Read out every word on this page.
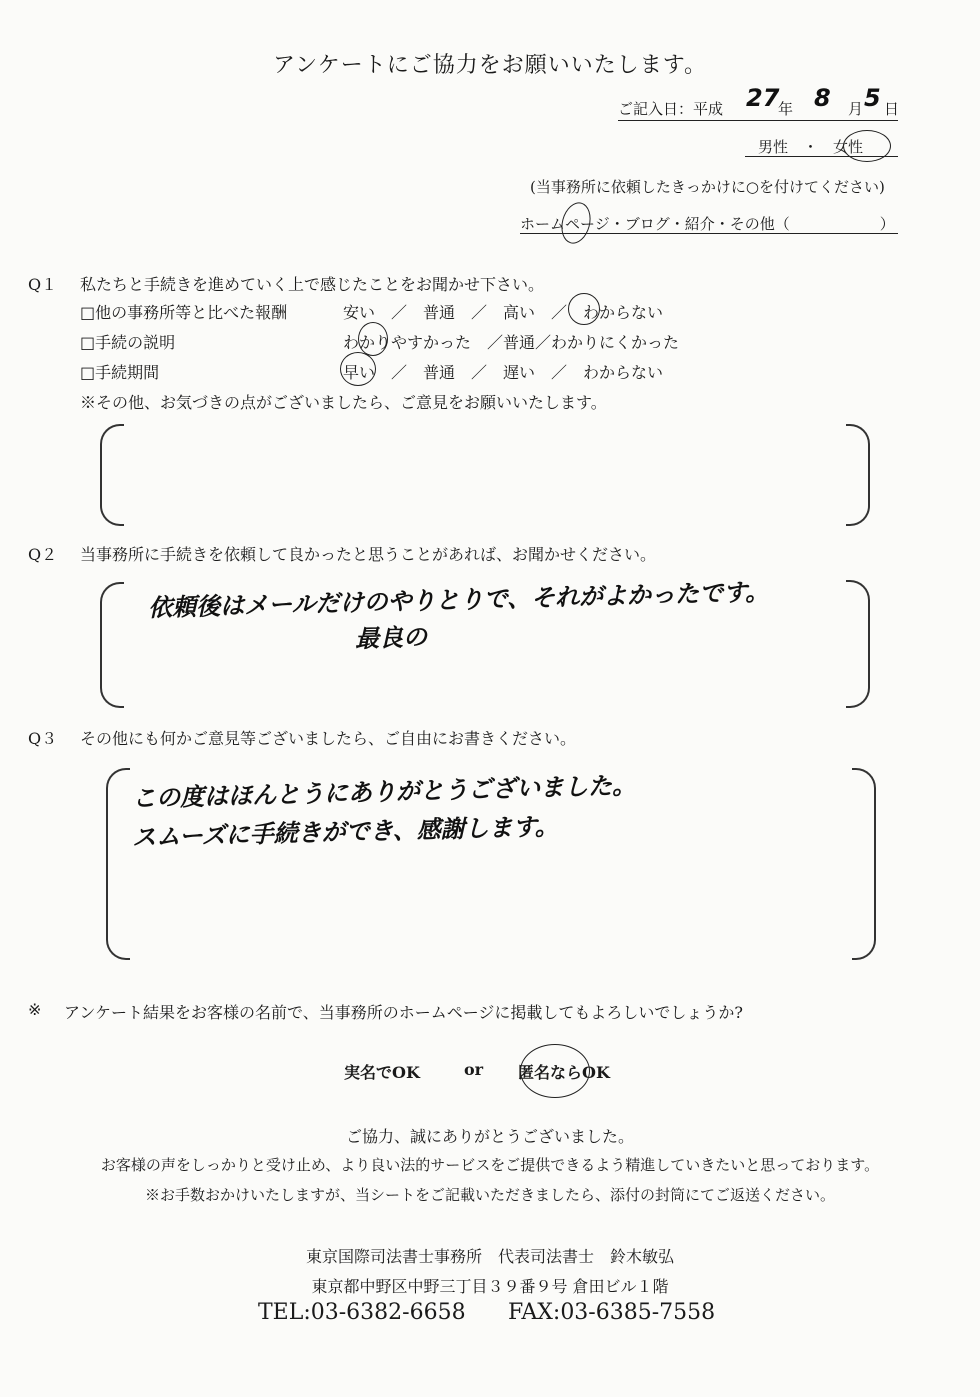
アンケートにご協力をお願いいたします。
ご記入日：平成 27
年 8 月 5 日
男性　・　女性
(当事務所に依頼したきっかけに○を付けてください)
ホームページ・ブログ・紹介・その他（　　　　　　）
Q１ 私たちと手続きを進めていく上で感じたことをお聞かせ下さい。
□他の事務所等と比べた報酬	安い　／　普通　／　高い　／　わからない
□手続の説明	わかりやすかった　／普通／わかりにくかった
□手続期間	早い　／　普通　／　遅い　／　わからない
※その他、お気づきの点がございましたら、ご意見をお願いいたします。
Q２ 当事務所に手続きを依頼して良かったと思うことがあれば、お聞かせください。
依頼後はメールだけのやりとりで、それがよかったです。
最良の
Q３ その他にも何かご意見等ございましたら、ご自由にお書きください。
この度はほんとうにありがとうございました。
スムーズに手続きができ、感謝します。
※ アンケート結果をお客様の名前で、当事務所のホームページに掲載してもよろしいでしょうか?
実名でOK	or 匿名ならOK
ご協力、誠にありがとうございました。
お客様の声をしっかりと受け止め、より良い法的サービスをご提供できるよう精進していきたいと思っております。
※お手数おかけいたしますが、当シートをご記載いただきましたら、添付の封筒にてご返送ください。
東京国際司法書士事務所　代表司法書士　鈴木敏弘
東京都中野区中野三丁目３９番９号 倉田ビル１階
TEL:03-6382-6658 FAX:03-6385-7558
